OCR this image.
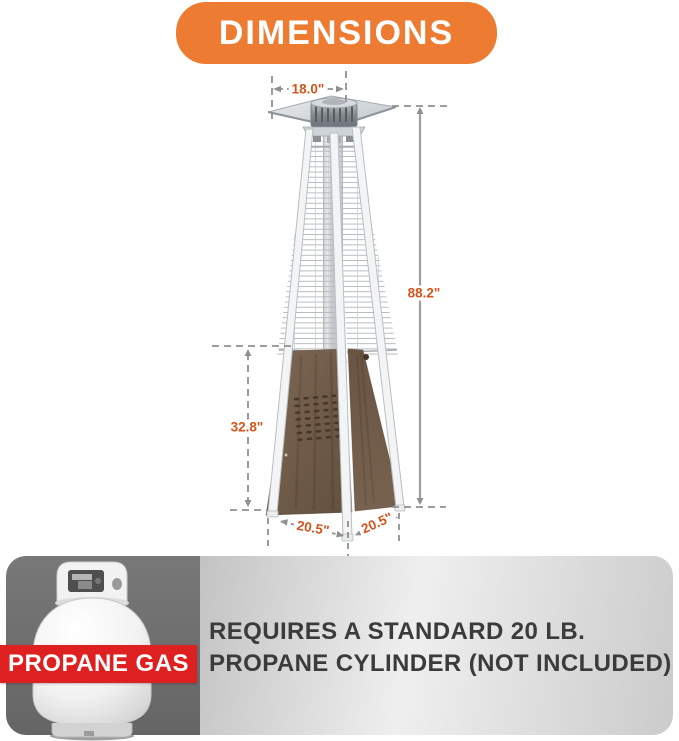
DIMENSIONS
18.0"
88.2"
32.8"
20.5" 20.5"
PROPANE GAS
REQUIRES A STANDARD 20 LB.
PROPANE CYLINDER (NOT INCLUDED)
